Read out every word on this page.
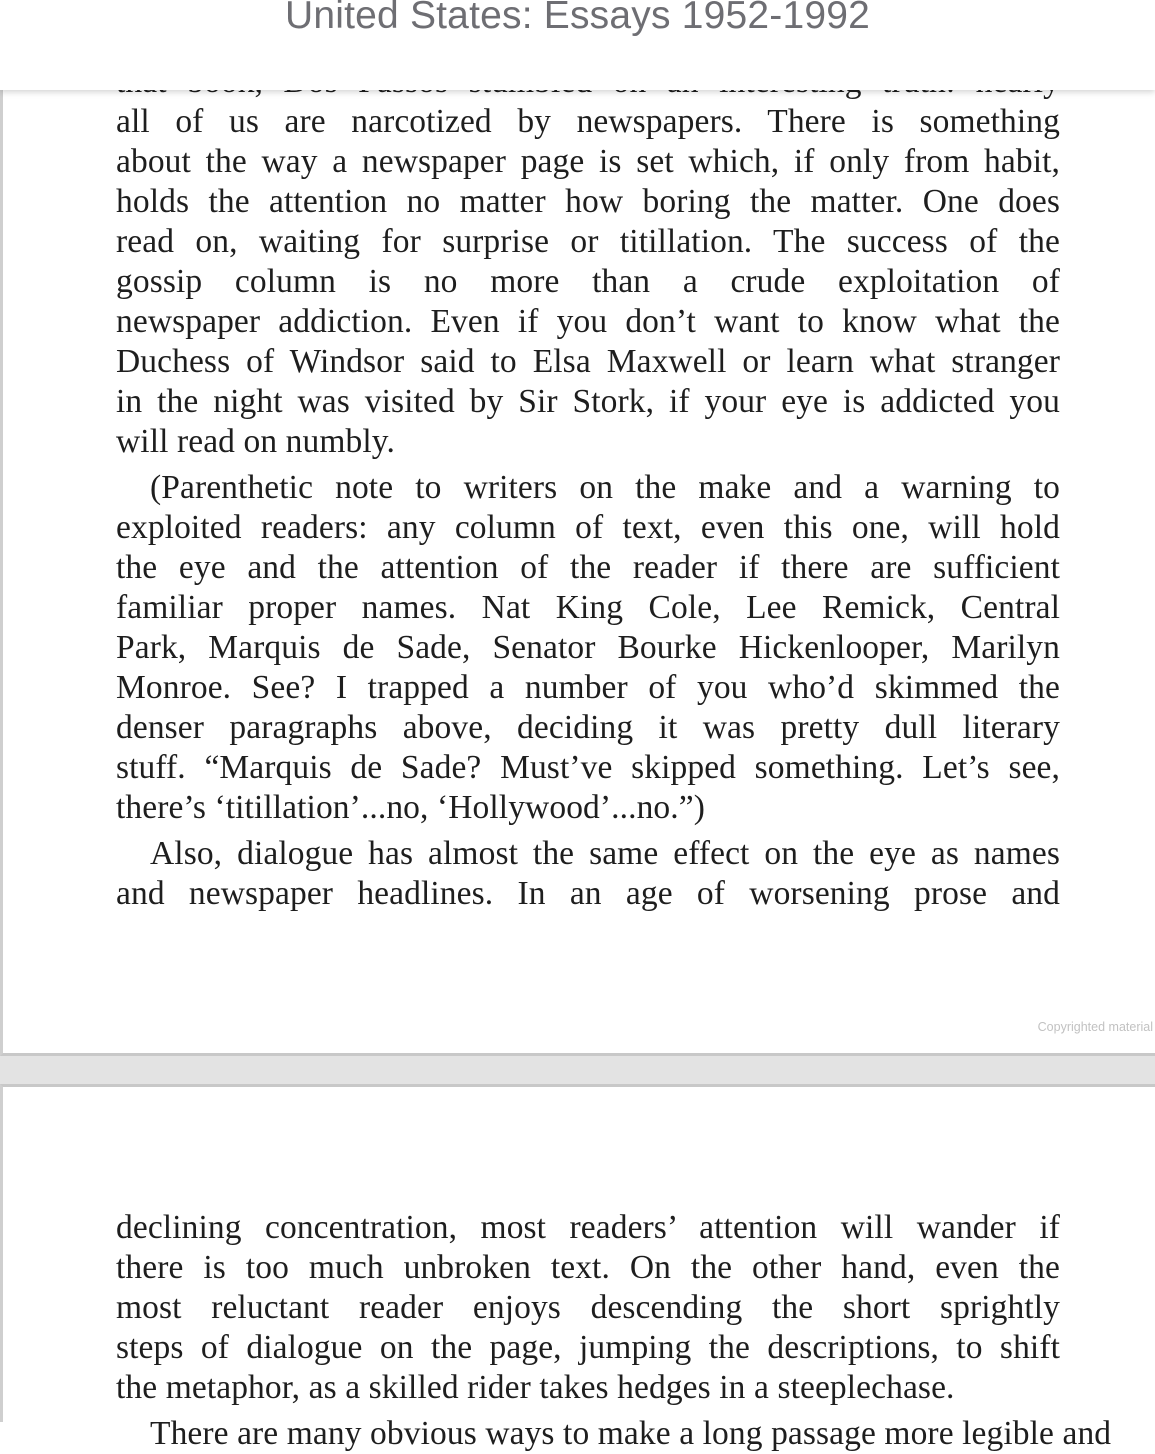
United States: Essays 1952-1992
all of us are narcotized by newspapers. There is something
about the way a newspaper page is set which, if only from habit,
holds the attention no matter how boring the matter. One does
read on, waiting for surprise or titillation. The success of the
gossip column is no more than a crude exploitation of
newspaper addiction. Even if you don’t want to know what the
Duchess of Windsor said to Elsa Maxwell or learn what stranger
in the night was visited by Sir Stork, if your eye is addicted you
will read on numbly.
(Parenthetic note to writers on the make and a warning to
exploited readers: any column of text, even this one, will hold
the eye and the attention of the reader if there are sufficient
familiar proper names. Nat King Cole, Lee Remick, Central
Park, Marquis de Sade, Senator Bourke Hickenlooper, Marilyn
Monroe. See? I trapped a number of you who’d skimmed the
denser paragraphs above, deciding it was pretty dull literary
stuff. “Marquis de Sade? Must’ve skipped something. Let’s see,
there’s ‘titillation’...no, ‘Hollywood’...no.”)
Also, dialogue has almost the same effect on the eye as names
and newspaper headlines. In an age of worsening prose and
Copyrighted material
declining concentration, most readers’ attention will wander if
there is too much unbroken text. On the other hand, even the
most reluctant reader enjoys descending the short sprightly
steps of dialogue on the page, jumping the descriptions, to shift
the metaphor, as a skilled rider takes hedges in a steeplechase.
There are many obvious ways to make a long passage more legible and
